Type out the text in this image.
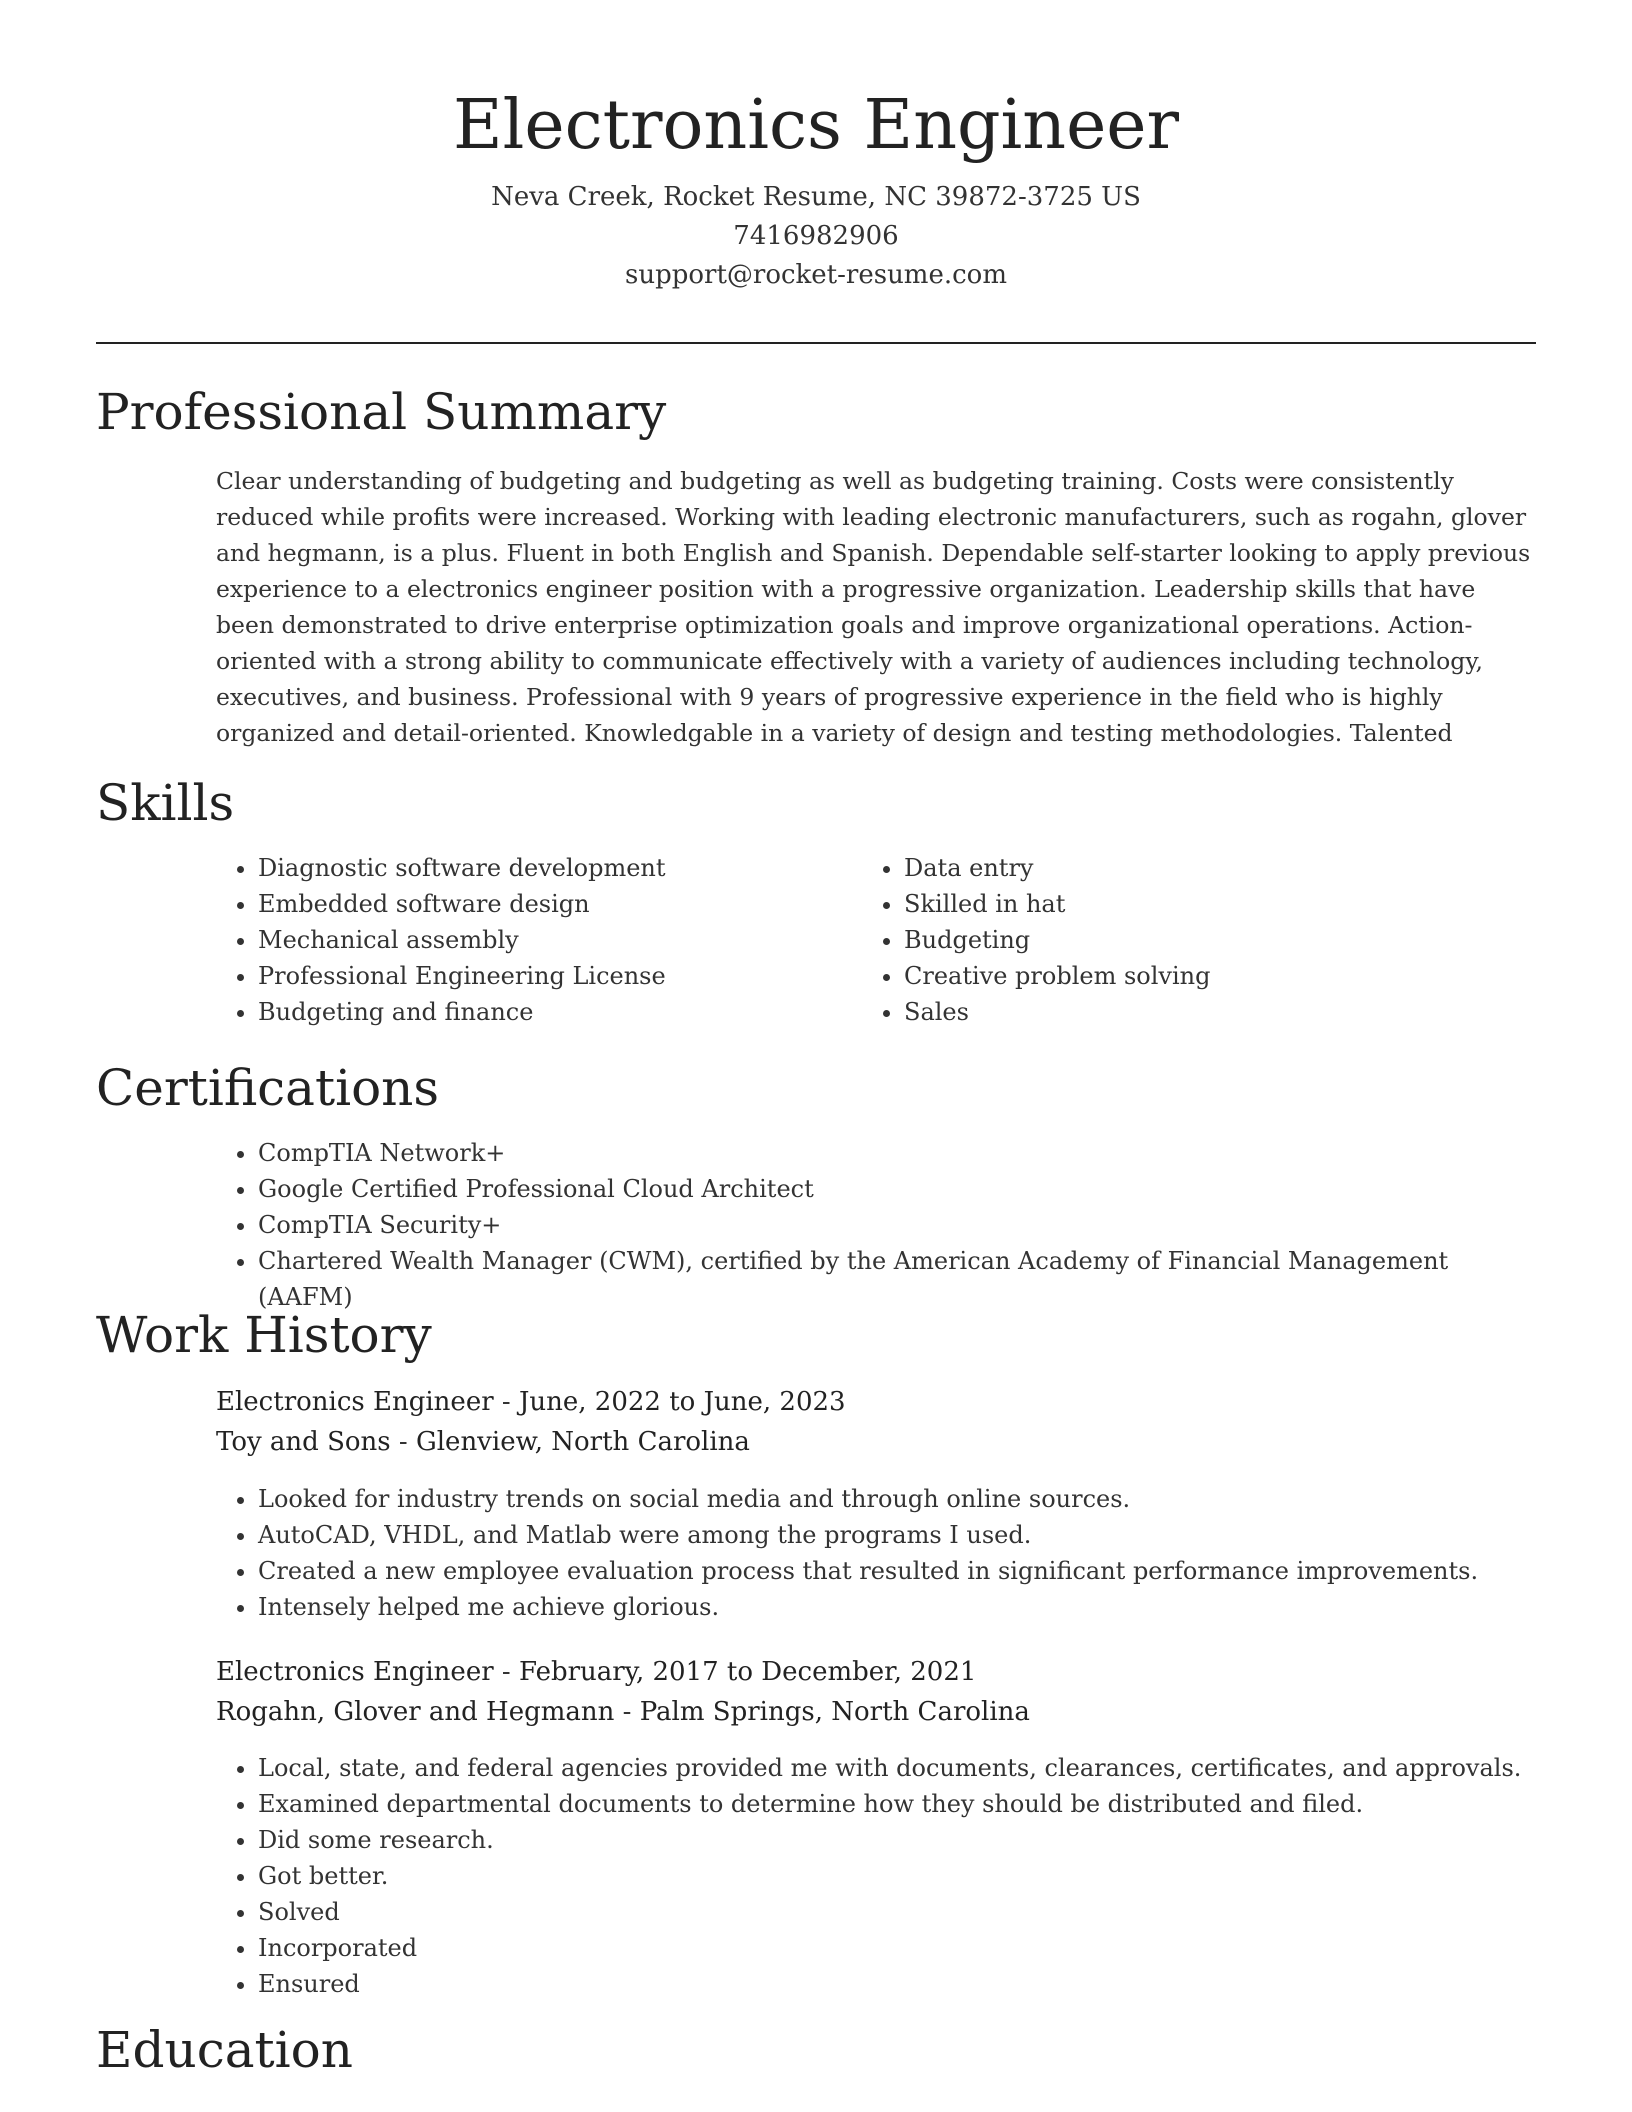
Electronics Engineer
Neva Creek, Rocket Resume, NC 39872-3725 US
7416982906
support@rocket-resume.com
Professional Summary

Clear understanding of budgeting and budgeting as well as budgeting training. Costs were consistently reduced while profits were increased. Working with leading electronic manufacturers, such as rogahn, glover and hegmann, is a plus. Fluent in both English and Spanish. Dependable self-starter looking to apply previous experience to a electronics engineer position with a progressive organization. Leadership skills that have been demonstrated to drive enterprise optimization goals and improve organizational operations. Action-oriented with a strong ability to communicate effectively with a variety of audiences including technology, executives, and business. Professional with 9 years of progressive experience in the field who is highly organized and detail-oriented. Knowledgable in a variety of design and testing methodologies. Talented

Skills
• Diagnostic software development
• Embedded software design
• Mechanical assembly
• Professional Engineering License
• Budgeting and finance
• Data entry
• Skilled in hat
• Budgeting
• Creative problem solving
• Sales
Certifications
• CompTIA Network+
• Google Certified Professional Cloud Architect
• CompTIA Security+
• Chartered Wealth Manager (CWM), certified by the American Academy of Financial Management (AAFM)
Work History
Electronics Engineer - June, 2022 to June, 2023
Toy and Sons - Glenview, North Carolina
• Looked for industry trends on social media and through online sources.
• AutoCAD, VHDL, and Matlab were among the programs I used.
• Created a new employee evaluation process that resulted in significant performance improvements.
• Intensely helped me achieve glorious.
Electronics Engineer - February, 2017 to December, 2021
Rogahn, Glover and Hegmann - Palm Springs, North Carolina
• Local, state, and federal agencies provided me with documents, clearances, certificates, and approvals.
• Examined departmental documents to determine how they should be distributed and filed.
• Did some research.
• Got better.
• Solved
• Incorporated
• Ensured
Education
